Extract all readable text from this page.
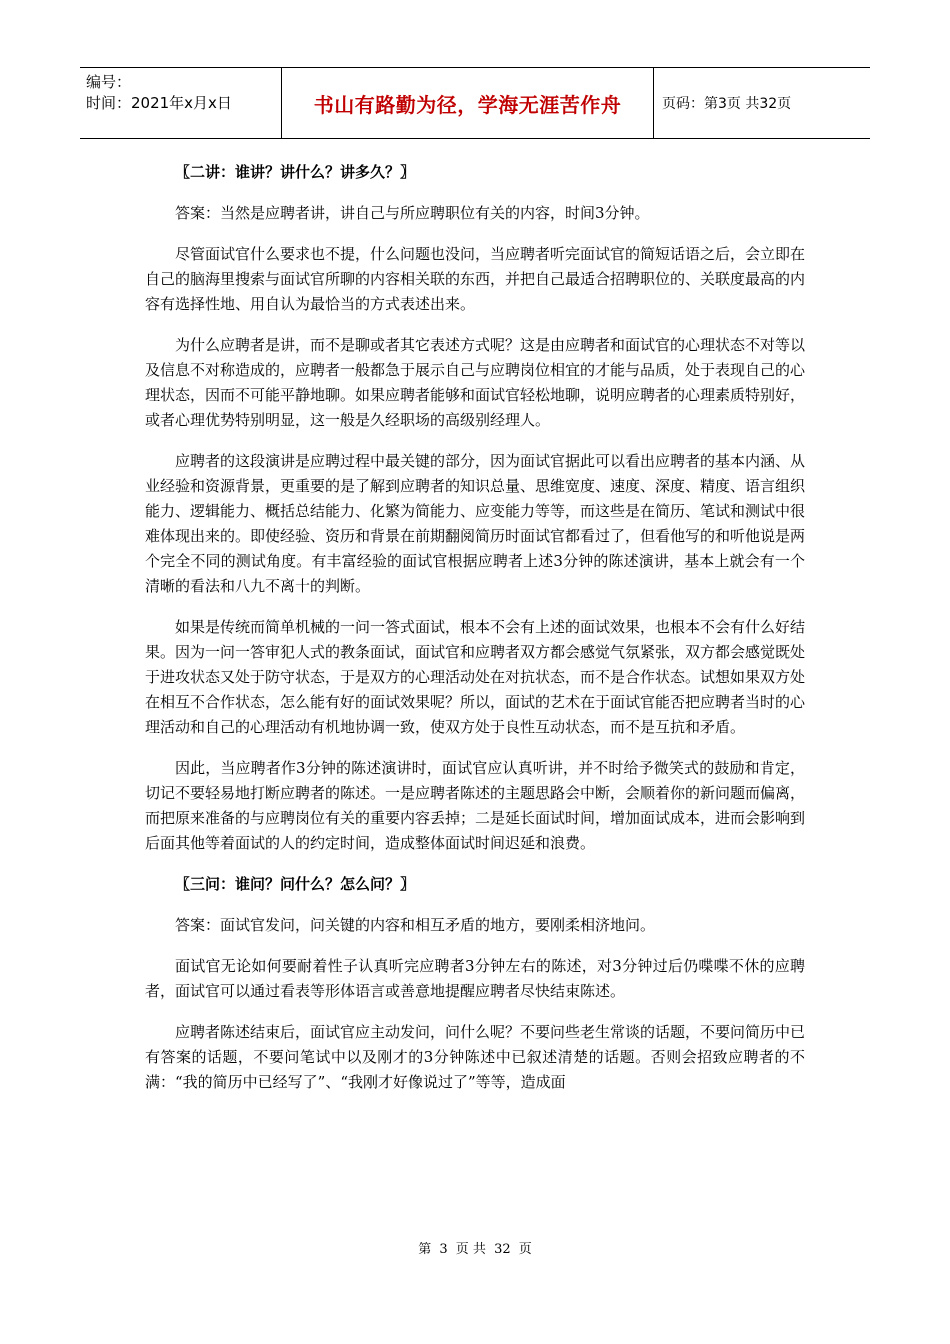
编号：
时间：2021年x月x日	书山有路勤为径，学海无涯苦作舟	页码：第3页 共32页

〖二讲：谁讲？讲什么？讲多久？〗

答案：当然是应聘者讲，讲自己与所应聘职位有关的内容，时间3分钟。

尽管面试官什么要求也不提，什么问题也没问，当应聘者听完面试官的简短话语之后，会立即在自己的脑海里搜索与面试官所聊的内容相关联的东西，并把自己最适合招聘职位的、关联度最高的内容有选择性地、用自认为最恰当的方式表述出来。

为什么应聘者是讲，而不是聊或者其它表述方式呢？这是由应聘者和面试官的心理状态不对等以及信息不对称造成的，应聘者一般都急于展示自己与应聘岗位相宜的才能与品质，处于表现自己的心理状态，因而不可能平静地聊。如果应聘者能够和面试官轻松地聊，说明应聘者的心理素质特别好，或者心理优势特别明显，这一般是久经职场的高级别经理人。

应聘者的这段演讲是应聘过程中最关键的部分，因为面试官据此可以看出应聘者的基本内涵、从业经验和资源背景，更重要的是了解到应聘者的知识总量、思维宽度、速度、深度、精度、语言组织能力、逻辑能力、概括总结能力、化繁为简能力、应变能力等等，而这些是在简历、笔试和测试中很难体现出来的。即使经验、资历和背景在前期翻阅简历时面试官都看过了，但看他写的和听他说是两个完全不同的测试角度。有丰富经验的面试官根据应聘者上述3分钟的陈述演讲，基本上就会有一个清晰的看法和八九不离十的判断。

如果是传统而简单机械的一问一答式面试，根本不会有上述的面试效果，也根本不会有什么好结果。因为一问一答审犯人式的教条面试，面试官和应聘者双方都会感觉气氛紧张，双方都会感觉既处于进攻状态又处于防守状态，于是双方的心理活动处在对抗状态，而不是合作状态。试想如果双方处在相互不合作状态，怎么能有好的面试效果呢？所以，面试的艺术在于面试官能否把应聘者当时的心理活动和自己的心理活动有机地协调一致，使双方处于良性互动状态，而不是互抗和矛盾。

因此，当应聘者作3分钟的陈述演讲时，面试官应认真听讲，并不时给予微笑式的鼓励和肯定，切记不要轻易地打断应聘者的陈述。一是应聘者陈述的主题思路会中断，会顺着你的新问题而偏离，而把原来准备的与应聘岗位有关的重要内容丢掉；二是延长面试时间，增加面试成本，进而会影响到后面其他等着面试的人的约定时间，造成整体面试时间迟延和浪费。

〖三问：谁问？问什么？怎么问？〗

答案：面试官发问，问关键的内容和相互矛盾的地方，要刚柔相济地问。

面试官无论如何要耐着性子认真听完应聘者3分钟左右的陈述，对3分钟过后仍喋喋不休的应聘者，面试官可以通过看表等形体语言或善意地提醒应聘者尽快结束陈述。

应聘者陈述结束后，面试官应主动发问，问什么呢？不要问些老生常谈的话题，不要问简历中已有答案的话题，不要问笔试中以及刚才的3分钟陈述中已叙述清楚的话题。否则会招致应聘者的不满：“我的简历中已经写了”、“我刚才好像说过了”等等，造成面

第 3 页 共 32 页
